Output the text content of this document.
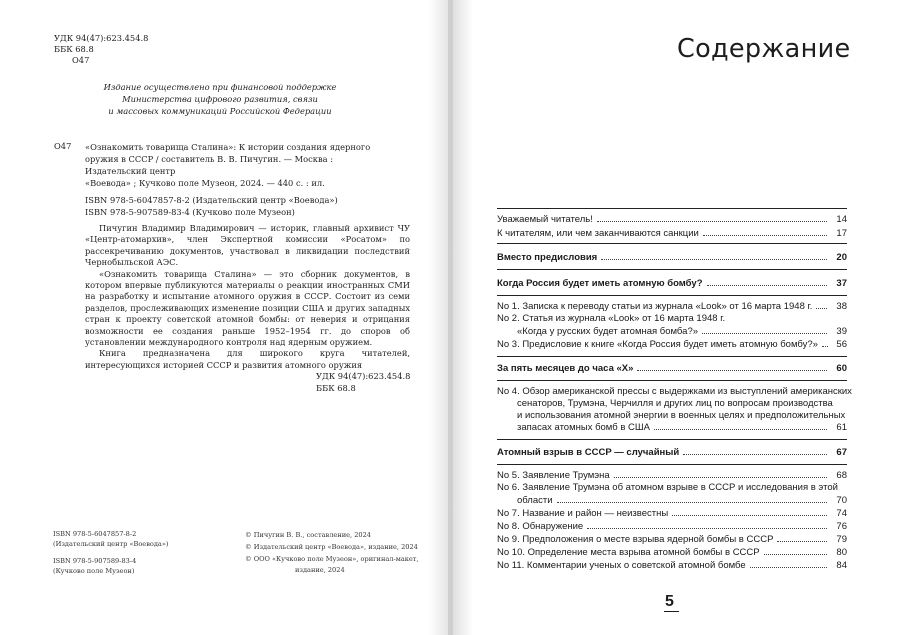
УДК 94(47):623.454.8
ББК 68.8
О47
Издание осуществлено при финансовой поддержке
Министерства цифрового развития, связи
и массовых коммуникаций Российской Федерации
О47 «Ознакомить товарища Сталина»: К истории создания ядерного
оружия в СССР / составитель В. В. Пичугин. — Москва : Издательский центр
«Воевода» ; Кучково поле Музеон, 2024. — 440 с. : ил.
ISBN 978-5-6047857-8-2 (Издательский центр «Воевода»)
ISBN 978-5-907589-83-4 (Кучково поле Музеон)

Пичугин Владимир Владимирович — историк, главный архивист ЧУ «Центр-атомархив», член Экспертной комиссии «Росатом» по рассекречиванию документов, участвовал в ликвидации последствий Чернобыльской АЭС.

«Ознакомить товарища Сталина» — это сборник документов, в котором впервые публикуются материалы о реакции иностранных СМИ на разработку и испытание атомного оружия в СССР. Состоит из семи разделов, прослеживающих изменение позиции США и других западных стран к проекту советской атомной бомбы: от неверия и отрицания возможности ее создания раньше 1952–1954 гг. до споров об установлении международного контроля над ядерным оружием.

Книга предназначена для широкого круга читателей, интересующихся историей СССР и развития атомного оружия

УДК 94(47):623.454.8
ББК 68.8
ISBN 978-5-6047857-8-2
(Издательский центр «Воевода»)
ISBN 978-5-907589-83-4
(Кучково поле Музеон)
© Пичугин В. В., составление, 2024
© Издательский центр «Воевода», издание, 2024
© ООО «Кучково поле Музеон», оригинал-макет,
издание, 2024
Содержание
Уважаемый читатель!	14
К читателям, или чем заканчиваются санкции	17
Вместо предисловия	20
Когда Россия будет иметь атомную бомбу?	37
No 1. Записка к переводу статьи из журнала «Look» от 16 марта 1948 г.	38
No 2. Статья из журнала «Look» от 16 марта 1948 г.
«Когда у русских будет атомная бомба?»	39
No 3. Предисловие к книге «Когда Россия будет иметь атомную бомбу?»	56
За пять месяцев до часа «Х»	60
No 4. Обзор американской прессы с выдержками из выступлений американских
сенаторов, Трумэна, Черчилля и других лиц по вопросам производства
и использования атомной энергии в военных целях и предположительных
запасах атомных бомб в США	61
Атомный взрыв в СССР — случайный	67
No 5. Заявление Трумэна	68
No 6. Заявление Трумэна об атомном взрыве в СССР и исследования в этой
области	70
No 7. Название и район — неизвестны	74
No 8. Обнаружение	76
No 9. Предположения о месте взрыва ядерной бомбы в СССР	79
No 10. Определение места взрыва атомной бомбы в СССР	80
No 11. Комментарии ученых о советской атомной бомбе	84
5
